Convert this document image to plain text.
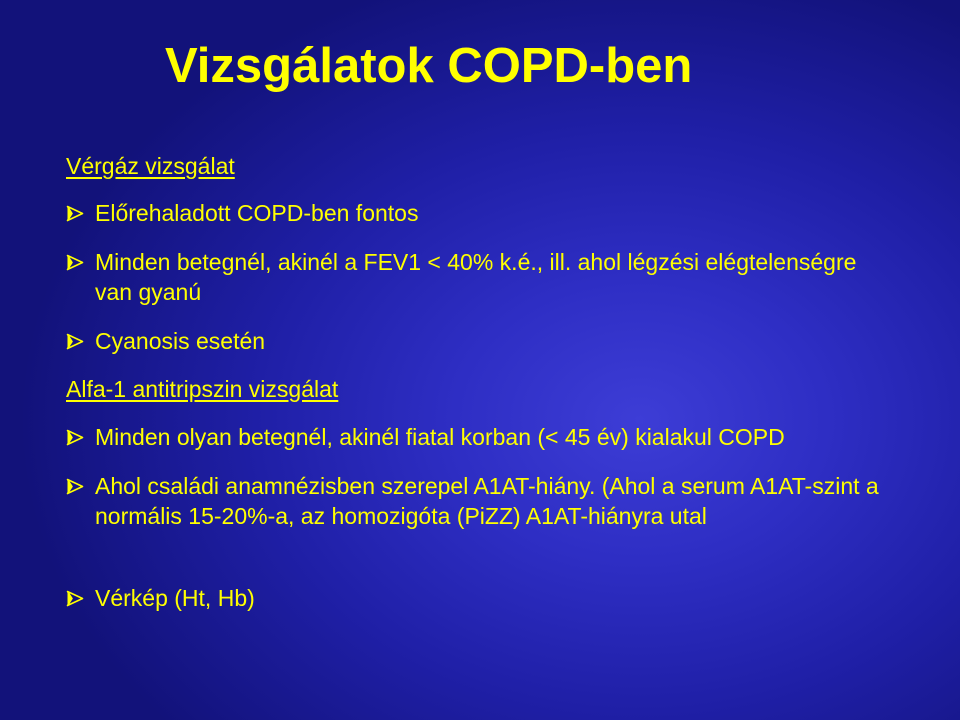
Vizsgálatok COPD-ben

Vérgáz vizsgálat

Előrehaladott COPD-ben fontos
Minden betegnél, akinél a FEV1 < 40% k.é., ill. ahol légzési elégtelenségre van gyanú
Cyanosis esetén

Alfa-1 antitripszin vizsgálat

Minden olyan betegnél, akinél fiatal korban (< 45 év) kialakul COPD
Ahol családi anamnézisben szerepel A1AT-hiány. (Ahol a serum A1AT-szint a normális 15-20%-a, az homozigóta (PiZZ) A1AT-hiányra utal
Vérkép (Ht, Hb)
